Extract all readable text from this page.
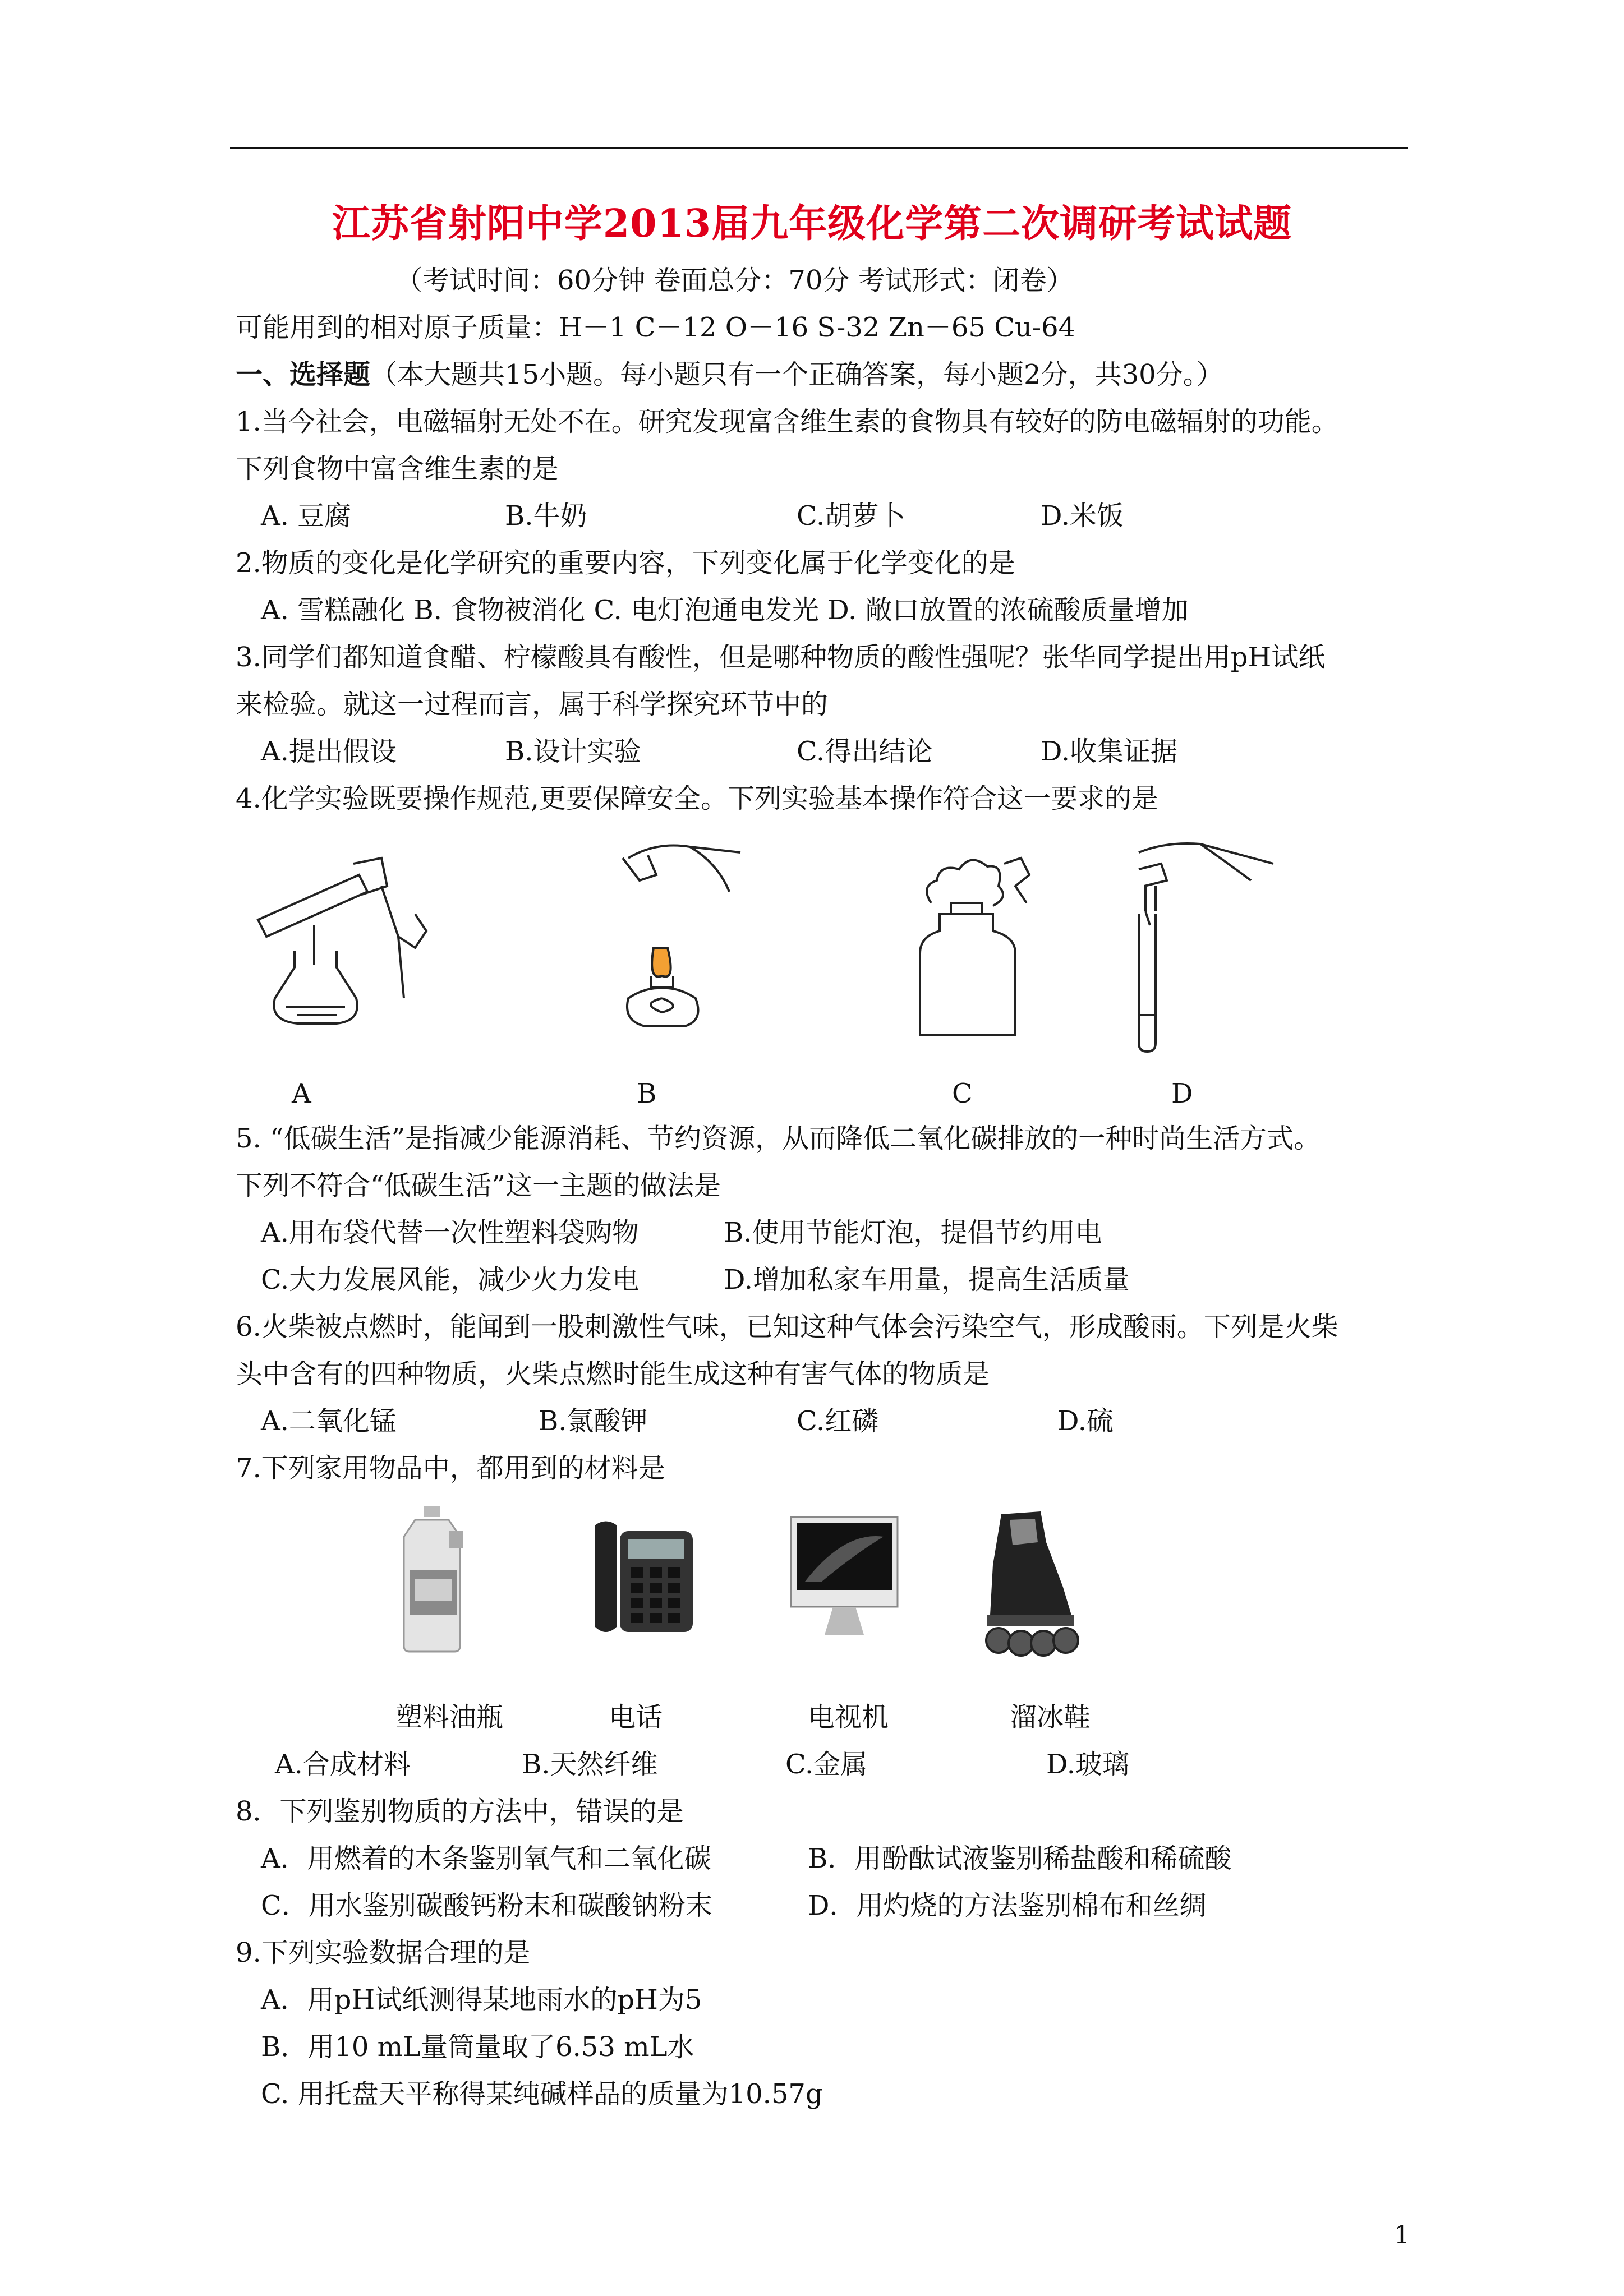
江苏省射阳中学2013届九年级化学第二次调研考试试题
（考试时间：60分钟 卷面总分：70分 考试形式：闭卷）
可能用到的相对原子质量：H－1 C－12 O－16 S-32 Zn－65 Cu-64
一、选择题（本大题共15小题。每小题只有一个正确答案，每小题2分，共30分。）
1.当今社会，电磁辐射无处不在。研究发现富含维生素的食物具有较好的防电磁辐射的功能。
下列食物中富含维生素的是
A. 豆腐	B.牛奶	C.胡萝卜	D.米饭
2.物质的变化是化学研究的重要内容，下列变化属于化学变化的是
A. 雪糕融化 B. 食物被消化 C. 电灯泡通电发光 D. 敞口放置的浓硫酸质量增加
3.同学们都知道食醋、柠檬酸具有酸性，但是哪种物质的酸性强呢？张华同学提出用pH试纸
来检验。就这一过程而言，属于科学探究环节中的
A.提出假设	B.设计实验	C.得出结论	D.收集证据
4.化学实验既要操作规范,更要保障安全。下列实验基本操作符合这一要求的是
A	B	C	D
5. “低碳生活”是指减少能源消耗、节约资源，从而降低二氧化碳排放的一种时尚生活方式。
下列不符合“低碳生活”这一主题的做法是
A.用布袋代替一次性塑料袋购物	B.使用节能灯泡，提倡节约用电
C.大力发展风能，减少火力发电	D.增加私家车用量，提高生活质量
6.火柴被点燃时，能闻到一股刺激性气味，已知这种气体会污染空气，形成酸雨。下列是火柴
头中含有的四种物质，火柴点燃时能生成这种有害气体的物质是
A.二氧化锰	B.氯酸钾	C.红磷	D.硫
7.下列家用物品中，都用到的材料是
塑料油瓶	电话	电视机	溜冰鞋
A.合成材料	B.天然纤维	C.金属	D.玻璃
8．下列鉴别物质的方法中，错误的是
A．用燃着的木条鉴别氧气和二氧化碳	B．用酚酞试液鉴别稀盐酸和稀硫酸
C．用水鉴别碳酸钙粉末和碳酸钠粉末	D．用灼烧的方法鉴别棉布和丝绸
9.下列实验数据合理的是
A．用pH试纸测得某地雨水的pH为5
B．用10 mL量筒量取了6.53 mL水
C. 用托盘天平称得某纯碱样品的质量为10.57g
1
